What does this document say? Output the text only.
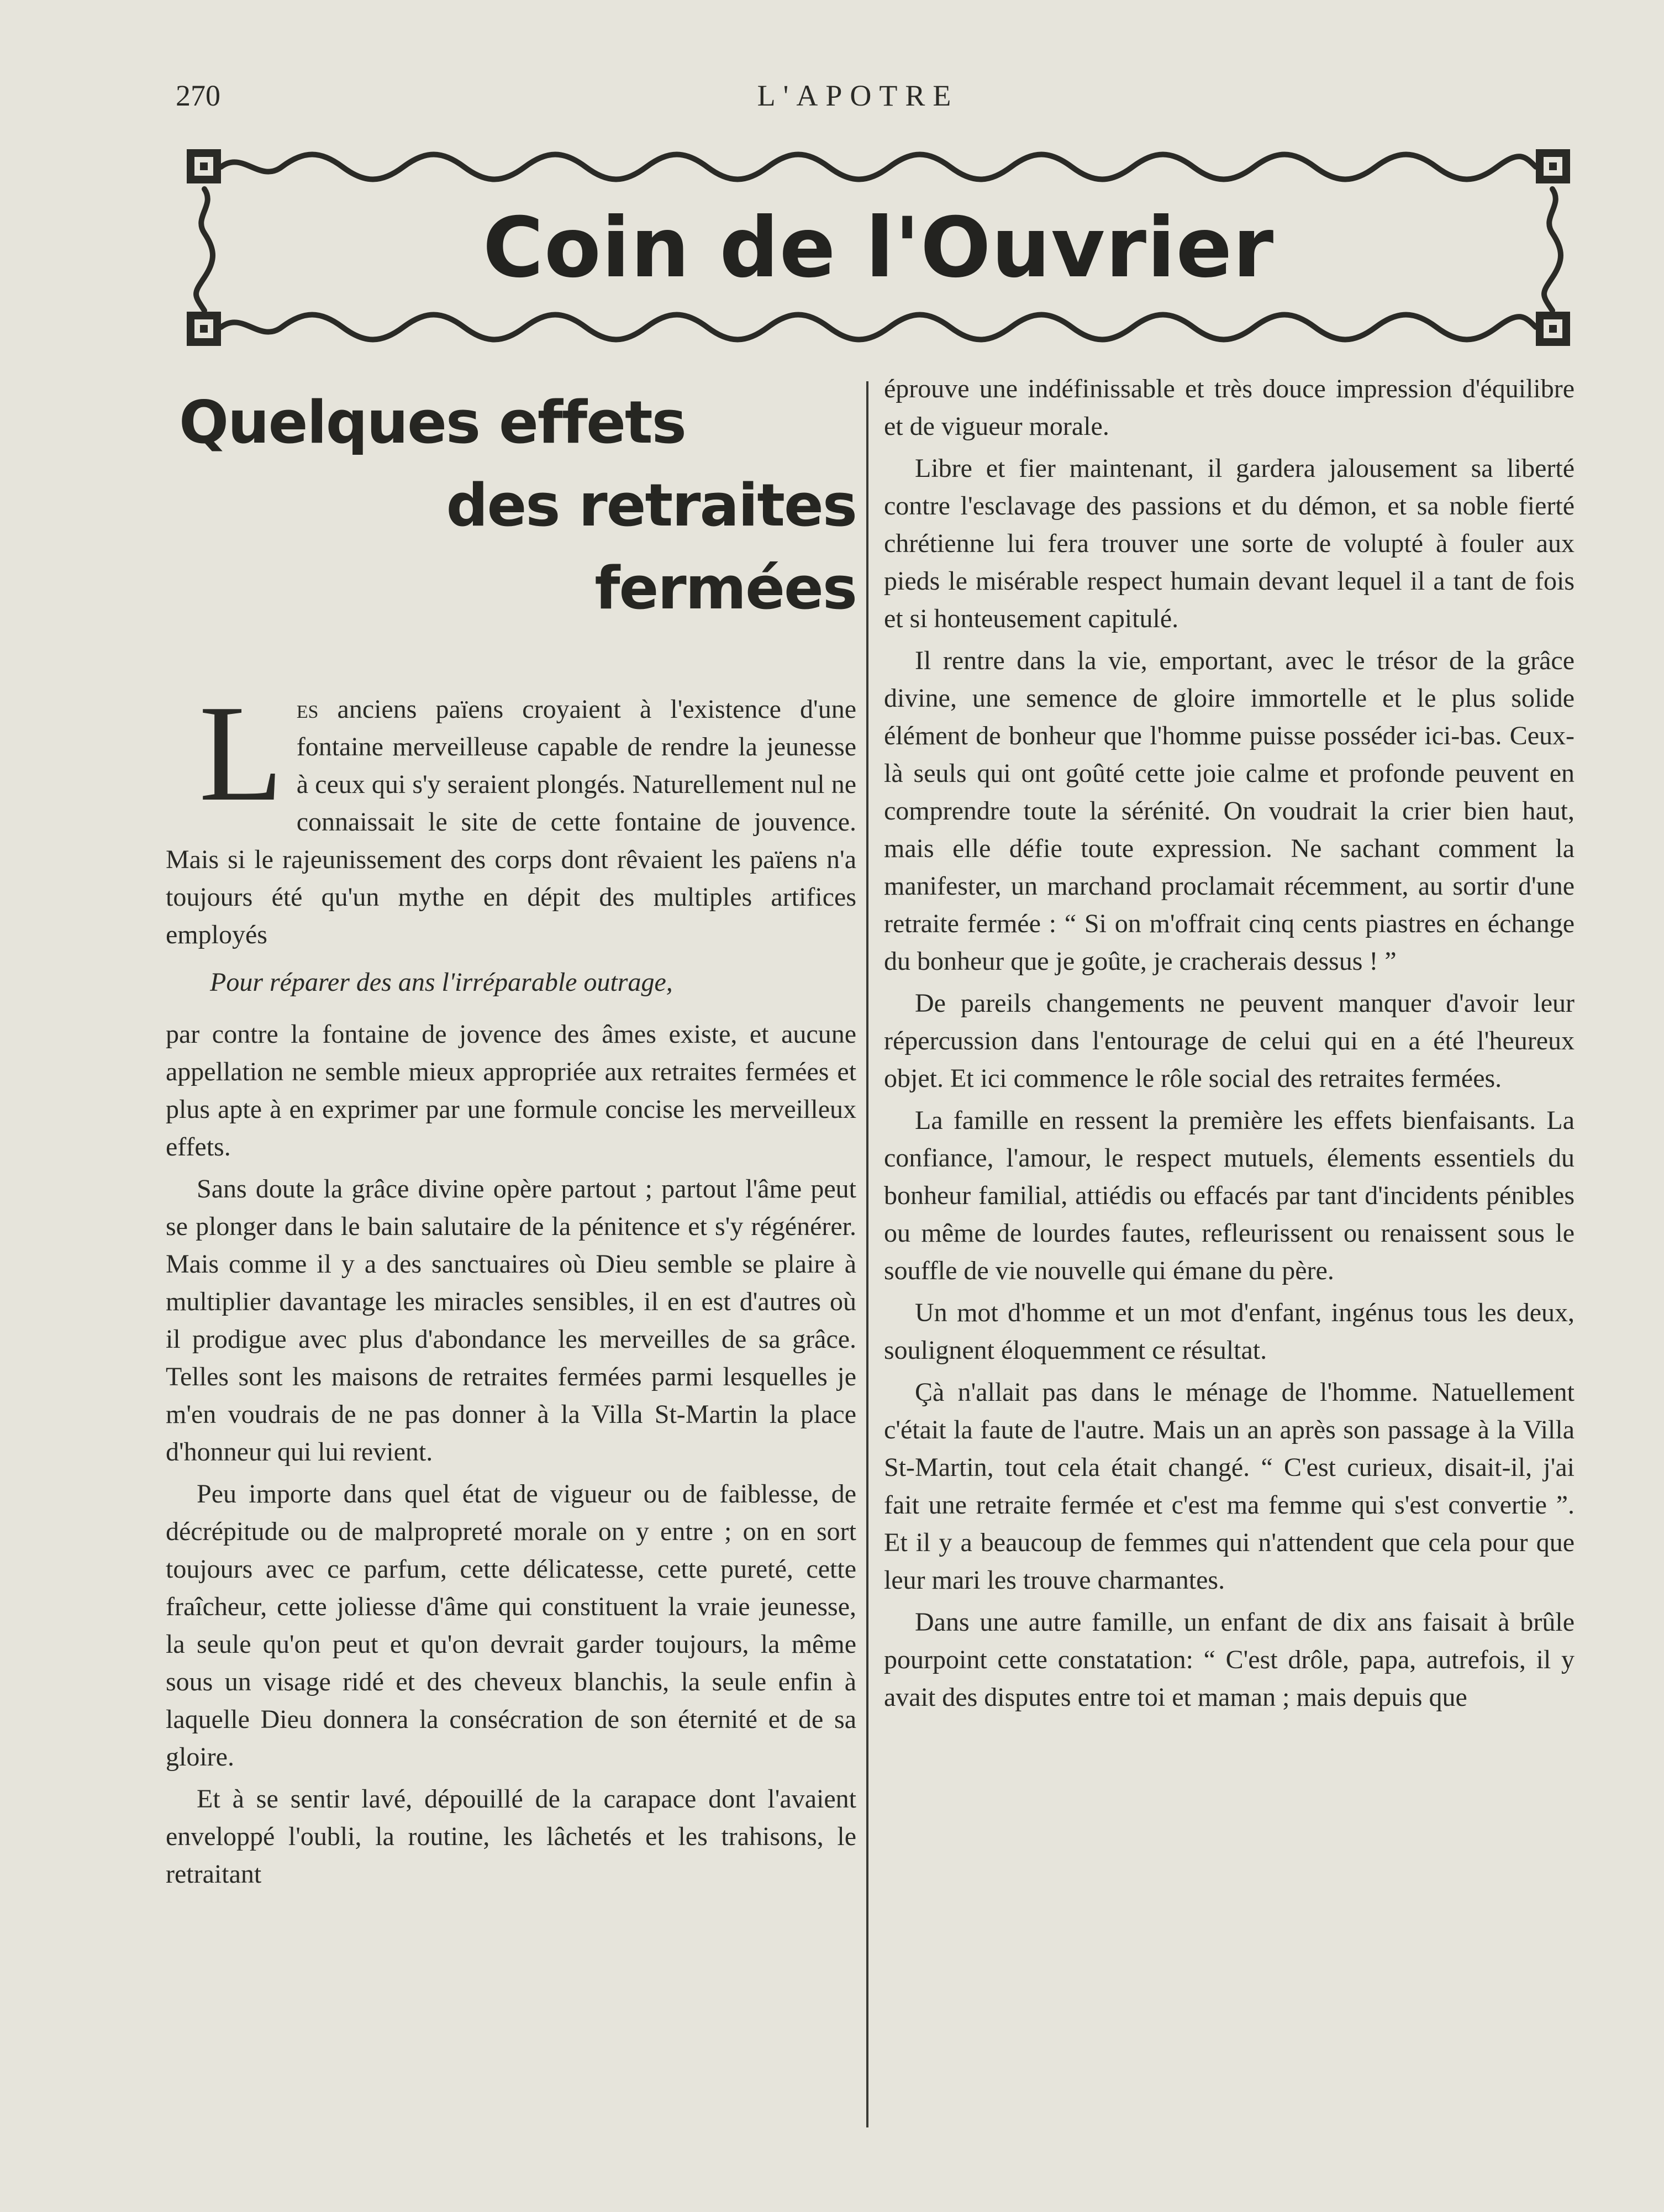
270	L'APOTRE
Coin de l'Ouvrier
Quelques effets
des retraites fermées

Les anciens païens croyaient à l'existence d'une fontaine merveilleuse capable de rendre la jeunesse à ceux qui s'y seraient plongés. Naturellement nul ne connaissait le site de cette fontaine de jouvence. Mais si le rajeunissement des corps dont rêvaient les païens n'a toujours été qu'un mythe en dépit des multiples artifices employés

Pour réparer des ans l'irréparable outrage,

par contre la fontaine de jovence des âmes existe, et aucune appellation ne semble mieux appropriée aux retraites fermées et plus apte à en exprimer par une formule concise les merveilleux effets.

Sans doute la grâce divine opère partout ; partout l'âme peut se plonger dans le bain salutaire de la pénitence et s'y régénérer. Mais comme il y a des sanctuaires où Dieu semble se plaire à multiplier davantage les miracles sensibles, il en est d'autres où il prodigue avec plus d'abondance les merveilles de sa grâce. Telles sont les maisons de retraites fermées parmi lesquelles je m'en voudrais de ne pas donner à la Villa St-Martin la place d'honneur qui lui revient.

Peu importe dans quel état de vigueur ou de faiblesse, de décrépitude ou de malpropreté morale on y entre ; on en sort toujours avec ce parfum, cette délicatesse, cette pureté, cette fraîcheur, cette joliesse d'âme qui constituent la vraie jeunesse, la seule qu'on peut et qu'on devrait garder toujours, la même sous un visage ridé et des cheveux blanchis, la seule enfin à laquelle Dieu donnera la consécration de son éternité et de sa gloire.

Et à se sentir lavé, dépouillé de la carapace dont l'avaient enveloppé l'oubli, la routine, les lâchetés et les trahisons, le retraitant

éprouve une indéfinissable et très douce impression d'équilibre et de vigueur morale.

Libre et fier maintenant, il gardera jalousement sa liberté contre l'esclavage des passions et du démon, et sa noble fierté chrétienne lui fera trouver une sorte de volupté à fouler aux pieds le misérable respect humain devant lequel il a tant de fois et si honteusement capitulé.

Il rentre dans la vie, emportant, avec le trésor de la grâce divine, une semence de gloire immortelle et le plus solide élément de bonheur que l'homme puisse posséder ici-bas. Ceux-là seuls qui ont goûté cette joie calme et profonde peuvent en comprendre toute la sérénité. On voudrait la crier bien haut, mais elle défie toute expression. Ne sachant comment la manifester, un marchand proclamait récemment, au sortir d'une retraite fermée : “ Si on m'offrait cinq cents piastres en échange du bonheur que je goûte, je cracherais dessus ! ”

De pareils changements ne peuvent manquer d'avoir leur répercussion dans l'entourage de celui qui en a été l'heureux objet. Et ici commence le rôle social des retraites fermées.

La famille en ressent la première les effets bienfaisants. La confiance, l'amour, le respect mutuels, élements essentiels du bonheur familial, attiédis ou effacés par tant d'incidents pénibles ou même de lourdes fautes, refleurissent ou renaissent sous le souffle de vie nouvelle qui émane du père.

Un mot d'homme et un mot d'enfant, ingénus tous les deux, soulignent éloquemment ce résultat.

Çà n'allait pas dans le ménage de l'homme. Natuellement c'était la faute de l'autre. Mais un an après son passage à la Villa St-Martin, tout cela était changé. “ C'est curieux, disait-il, j'ai fait une retraite fermée et c'est ma femme qui s'est convertie ”. Et il y a beaucoup de femmes qui n'attendent que cela pour que leur mari les trouve charmantes.

Dans une autre famille, un enfant de dix ans faisait à brûle pourpoint cette constatation: “ C'est drôle, papa, autrefois, il y avait des disputes entre toi et maman ; mais depuis que
